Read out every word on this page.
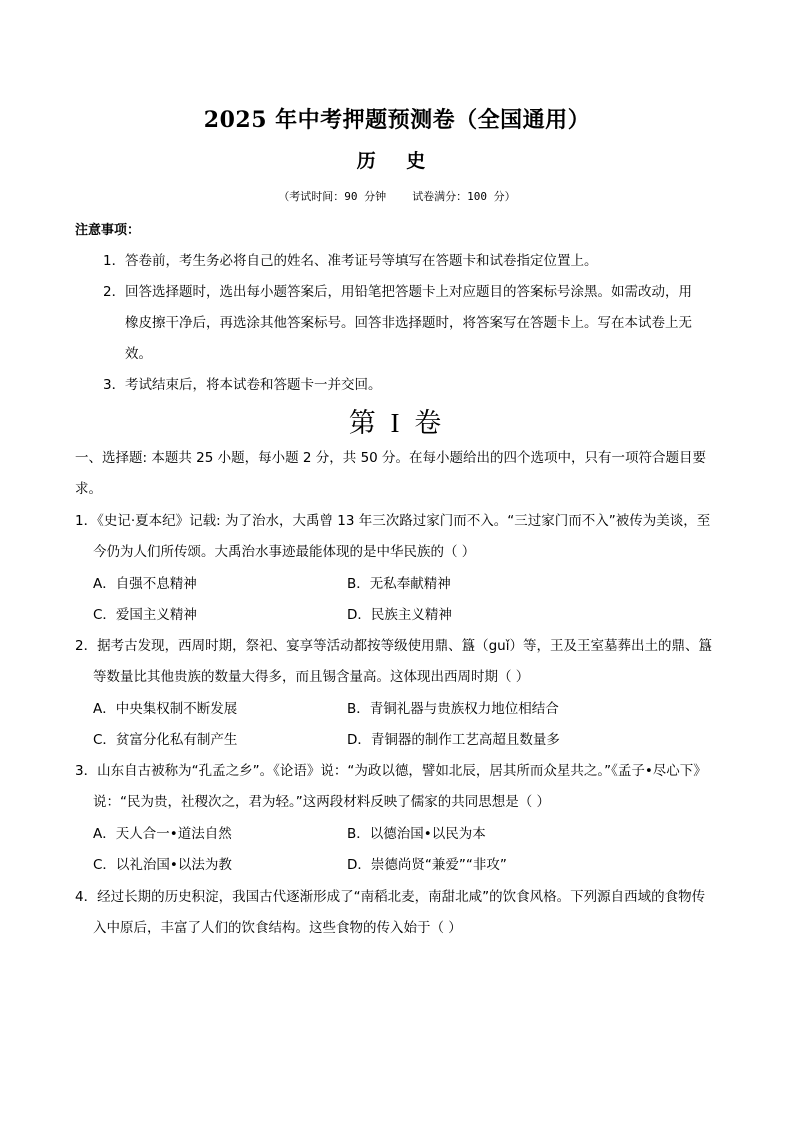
2025 年中考押题预测卷（全国通用）
历 史
（考试时间：90 分钟 试卷满分：100 分）
注意事项：
1．答卷前，考生务必将自己的姓名、准考证号等填写在答题卡和试卷指定位置上。
2．回答选择题时，选出每小题答案后，用铅笔把答题卡上对应题目的答案标号涂黑。如需改动，用
橡皮擦干净后，再选涂其他答案标号。回答非选择题时，将答案写在答题卡上。写在本试卷上无
效。
3．考试结束后，将本试卷和答题卡一并交回。
第 I 卷
一、选择题: 本题共 25 小题，每小题 2 分，共 50 分。在每小题给出的四个选项中，只有一项符合题目要
求。
1．《史记·夏本纪》记载: 为了治水，大禹曾 13 年三次路过家门而不入。“三过家门而不入”被传为美谈，至
今仍为人们所传颂。大禹治水事迹最能体现的是中华民族的（ ）
A．自强不息精神	B．无私奉献精神
C．爱国主义精神	D．民族主义精神
2．据考古发现，西周时期，祭祀、宴享等活动都按等级使用鼎、簋（guǐ）等，王及王室墓葬出土的鼎、簋
等数量比其他贵族的数量大得多，而且锡含量高。这体现出西周时期（ ）
A．中央集权制不断发展	B．青铜礼器与贵族权力地位相结合
C．贫富分化私有制产生	D．青铜器的制作工艺高超且数量多
3．山东自古被称为“孔孟之乡”。《论语》说：“为政以德，譬如北辰，居其所而众星共之。”《孟子•尽心下》
说：“民为贵，社稷次之，君为轻。”这两段材料反映了儒家的共同思想是（ ）
A．天人合一•道法自然	B．以德治国•以民为本
C．以礼治国•以法为教	D．崇德尚贤“兼爱”“非攻”
4．经过长期的历史积淀，我国古代逐渐形成了“南稻北麦，南甜北咸”的饮食风格。下列源自西域的食物传
入中原后，丰富了人们的饮食结构。这些食物的传入始于（ ）
